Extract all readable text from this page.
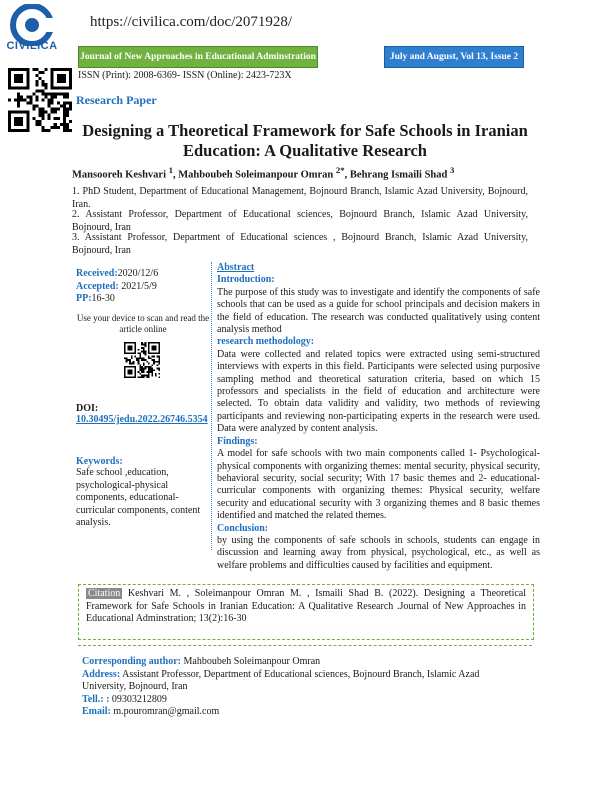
CIVILICA
https://civilica.com/doc/2071928/
Journal of New Approaches in Educational Adminstration	July and August, Vol 13, Issue 2
ISSN (Print): 2008-6369- ISSN (Online): 2423-723X
Research Paper
Designing a Theoretical Framework for Safe Schools in Iranian Education: A Qualitative Research
Mansooreh Keshvari $^1$, Mahboubeh Soleimanpour Omran $^{2*}$, Behrang Ismaili Shad $^3$
1. PhD Student, Department of Educational Management, Bojnourd Branch, Islamic Azad University, Bojnourd, Iran.
2. Assistant Professor, Department of Educational sciences, Bojnourd Branch, Islamic Azad University, Bojnourd, Iran
3. Assistant Professor, Department of Educational sciences , Bojnourd Branch, Islamic Azad University, Bojnourd, Iran
Received:2020/12/6
Accepted: 2021/5/9
PP:16-30
Use your device to scan and read the article online
DOI:
10.30495/jedu.2022.26746.5354
Keywords:
Safe school ,education, psychological-physical components, educational-curricular components, content analysis.

Abstract

Introduction:

The purpose of this study was to investigate and identify the components of safe schools that can be used as a guide for school principals and decision makers in the field of education. The research was conducted qualitatively using content analysis method

research methodology:

Data were collected and related topics were extracted using semi-structured interviews with experts in this field. Participants were selected using purposive sampling method and theoretical saturation criteria, based on which 15 professors and specialists in the field of education and architecture were selected. To obtain data validity and validity, two methods of reviewing participants and reviewing non-participating experts in the research were used. Data were analyzed by content analysis.

Findings:

A model for safe schools with two main components called 1- Psychological-physical components with organizing themes: mental security, physical security, behavioral security, social security; With 17 basic themes and 2- educational-curricular components with organizing themes: Physical security, welfare security and educational security with 3 organizing themes and 8 basic themes identified and matched the related themes.

Conclusion:

by using the components of safe schools in schools, students can engage in discussion and learning away from physical, psychological, etc., as well as welfare problems and difficulties caused by facilities and equipment.

Citation Keshvari M. , Soleimanpour Omran M. , Ismaili Shad B. (2022). Designing a Theoretical Framework for Safe Schools in Iranian Education: A Qualitative Research .Journal of New Approaches in Educational Adminstration; 13(2):16-30
Corresponding author: Mahboubeh Soleimanpour Omran
Address: Assistant Professor, Department of Educational sciences, Bojnourd Branch, Islamic Azad University, Bojnourd, Iran
Tell.: : 09303212809
Email: m.pouromran@gmail.com
